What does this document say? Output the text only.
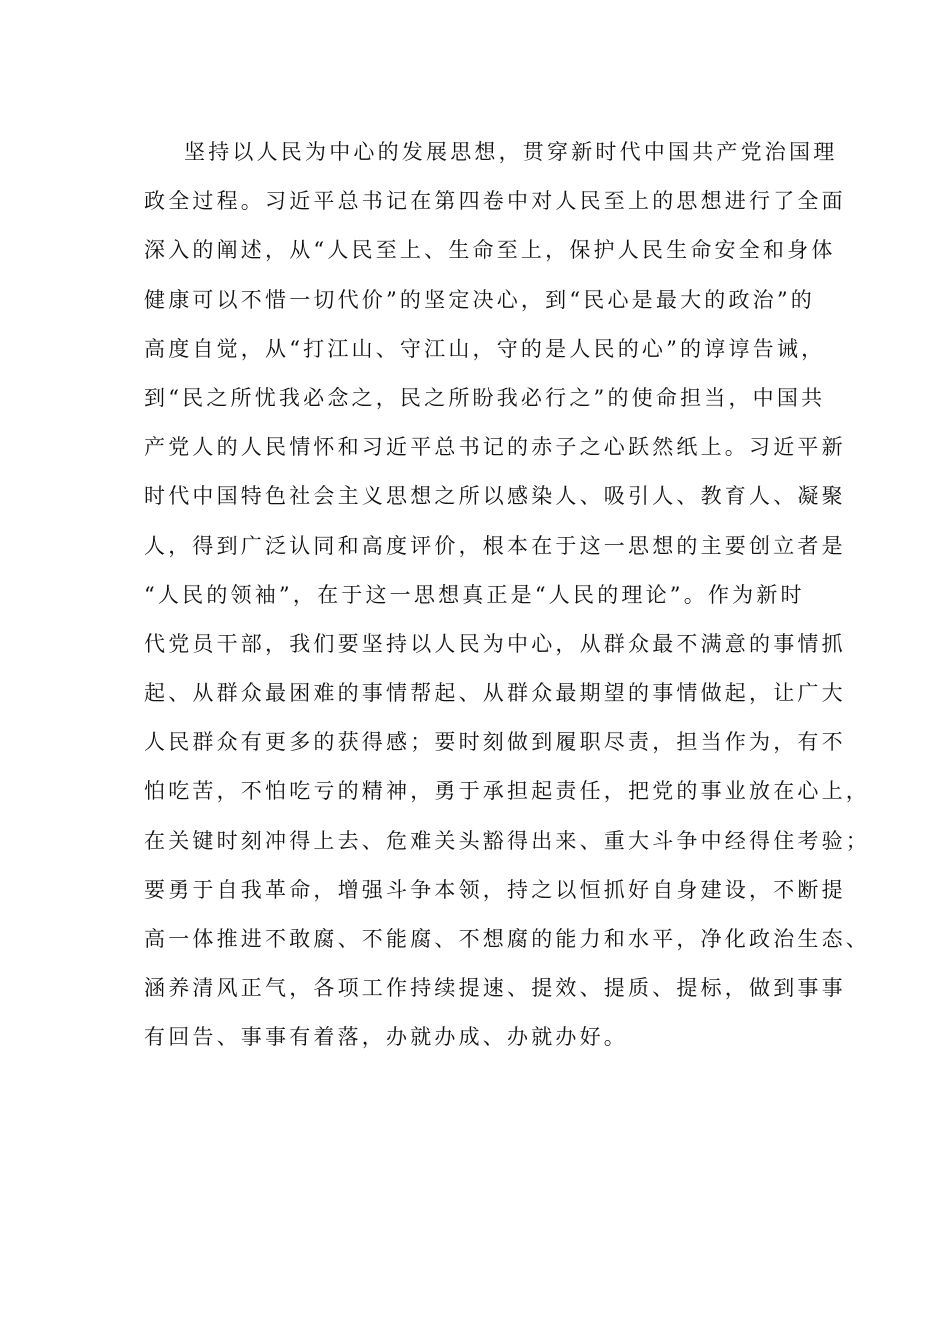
坚持以人民为中心的发展思想，贯穿新时代中国共产党治国理
政全过程。习近平总书记在第四卷中对人民至上的思想进行了全面
深入的阐述，从“人民至上、生命至上，保护人民生命安全和身体
健康可以不惜一切代价”的坚定决心，到“民心是最大的政治”的
高度自觉，从“打江山、守江山，守的是人民的心”的谆谆告诫，
到“民之所忧我必念之，民之所盼我必行之”的使命担当，中国共
产党人的人民情怀和习近平总书记的赤子之心跃然纸上。习近平新
时代中国特色社会主义思想之所以感染人、吸引人、教育人、凝聚
人，得到广泛认同和高度评价，根本在于这一思想的主要创立者是
“人民的领袖”，在于这一思想真正是“人民的理论”。作为新时
代党员干部，我们要坚持以人民为中心，从群众最不满意的事情抓
起、从群众最困难的事情帮起、从群众最期望的事情做起，让广大
人民群众有更多的获得感；要时刻做到履职尽责，担当作为，有不
怕吃苦，不怕吃亏的精神，勇于承担起责任，把党的事业放在心上，
在关键时刻冲得上去、危难关头豁得出来、重大斗争中经得住考验；
要勇于自我革命，增强斗争本领，持之以恒抓好自身建设，不断提
高一体推进不敢腐、不能腐、不想腐的能力和水平，净化政治生态、
涵养清风正气，各项工作持续提速、提效、提质、提标，做到事事
有回告、事事有着落，办就办成、办就办好。
